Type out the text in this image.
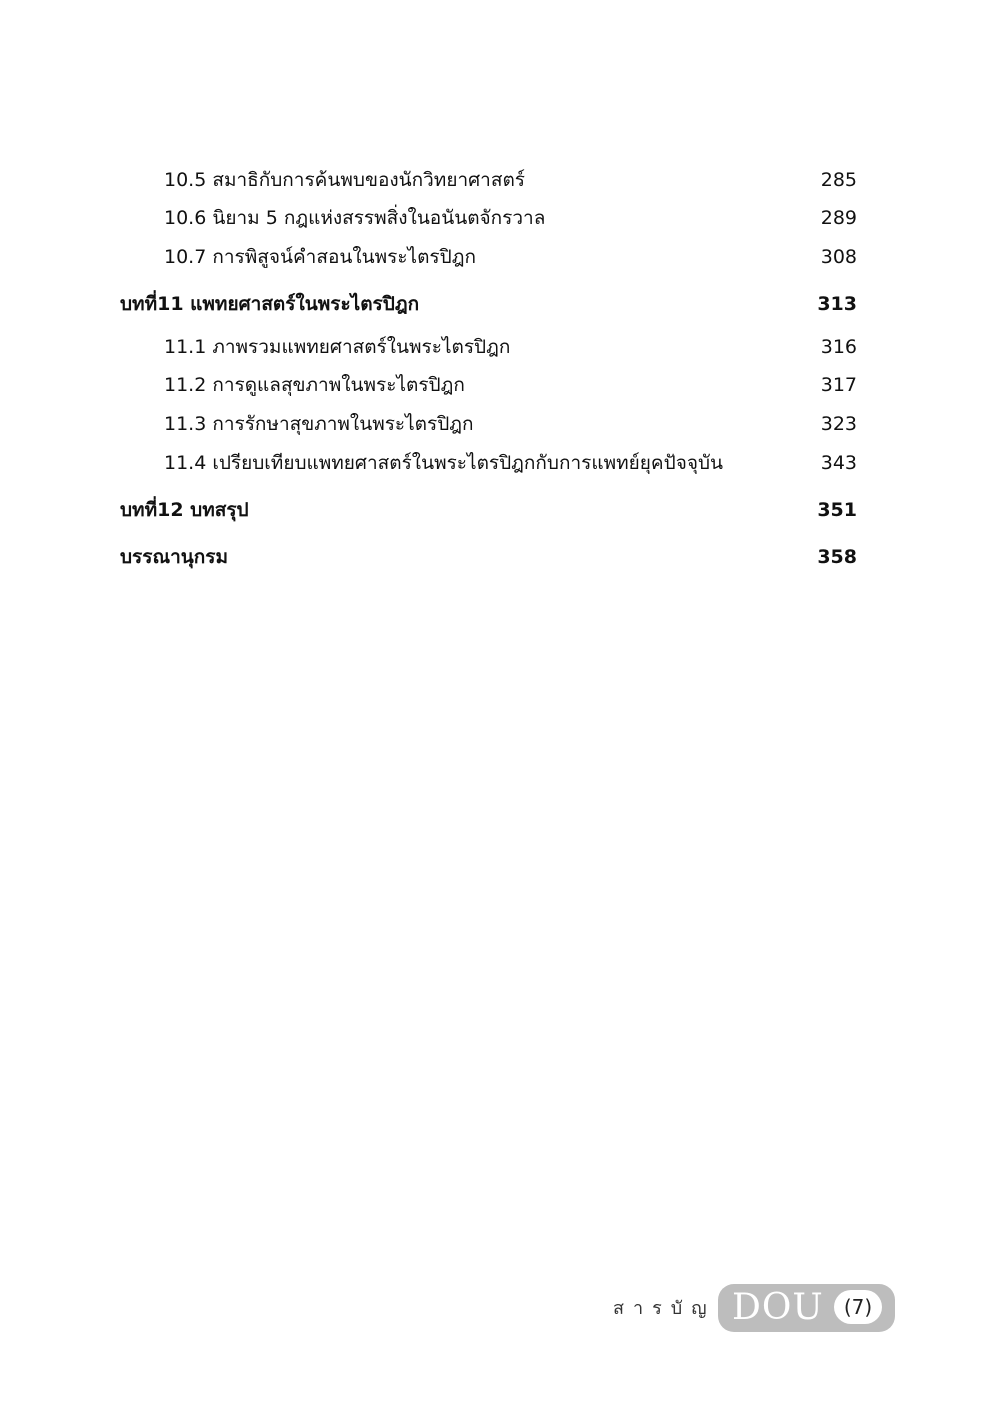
10.5 สมาธิกับการค้นพบของนักวิทยาศาสตร์	285
10.6 นิยาม 5 กฎแห่งสรรพสิ่งในอนันตจักรวาล	289
10.7 การพิสูจน์คำสอนในพระไตรปิฎก	308
บทที่11 แพทยศาสตร์ในพระไตรปิฎก	313
11.1 ภาพรวมแพทยศาสตร์ในพระไตรปิฎก	316
11.2 การดูแลสุขภาพในพระไตรปิฎก	317
11.3 การรักษาสุขภาพในพระไตรปิฎก	323
11.4 เปรียบเทียบแพทยศาสตร์ในพระไตรปิฎกกับการแพทย์ยุคปัจจุบัน	343
บทที่12 บทสรุป	351
บรรณานุกรม	358
สารบัญ DOU	(7)
